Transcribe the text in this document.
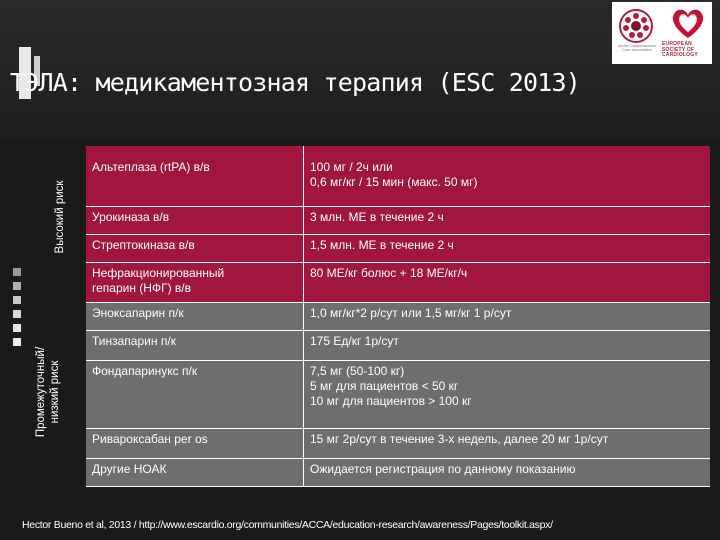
Acute Cardiovascular Care Association
EUROPEAN SOCIETY OF CARDIOLOGY
ТЭЛА: медикаментозная терапия (ESC 2013)
Высокий риск
Промежуточный/ низкий риск
Альтеплаза (rtPA) в/в	100 мг / 2ч или
0,6 мг/кг / 15 мин (макс. 50 мг)
Урокиназа в/в	3 млн. МЕ в течение 2 ч
Стрептокиназа в/в	1,5 млн. МЕ в течение 2 ч
Нефракционированный
гепарин (НФГ) в/в	80 МЕ/кг болюс + 18 МЕ/кг/ч
Эноксапарин п/к	1,0 мг/кг*2 р/сут или 1,5 мг/кг 1 р/сут
Тинзапарин п/к	175 Ед/кг 1р/сут
Фондапаринукс п/к	7,5 мг (50-100 кг)
5 мг для пациентов < 50 кг
10 мг для пациентов > 100 кг
Ривароксабан per os	15 мг 2р/сут в течение 3-х недель, далее 20 мг 1р/сут
Другие НОАК	Ожидается регистрация по данному показанию
Hector Bueno et al, 2013 / http://www.escardio.org/communities/ACCA/education-research/awareness/Pages/toolkit.aspx/
